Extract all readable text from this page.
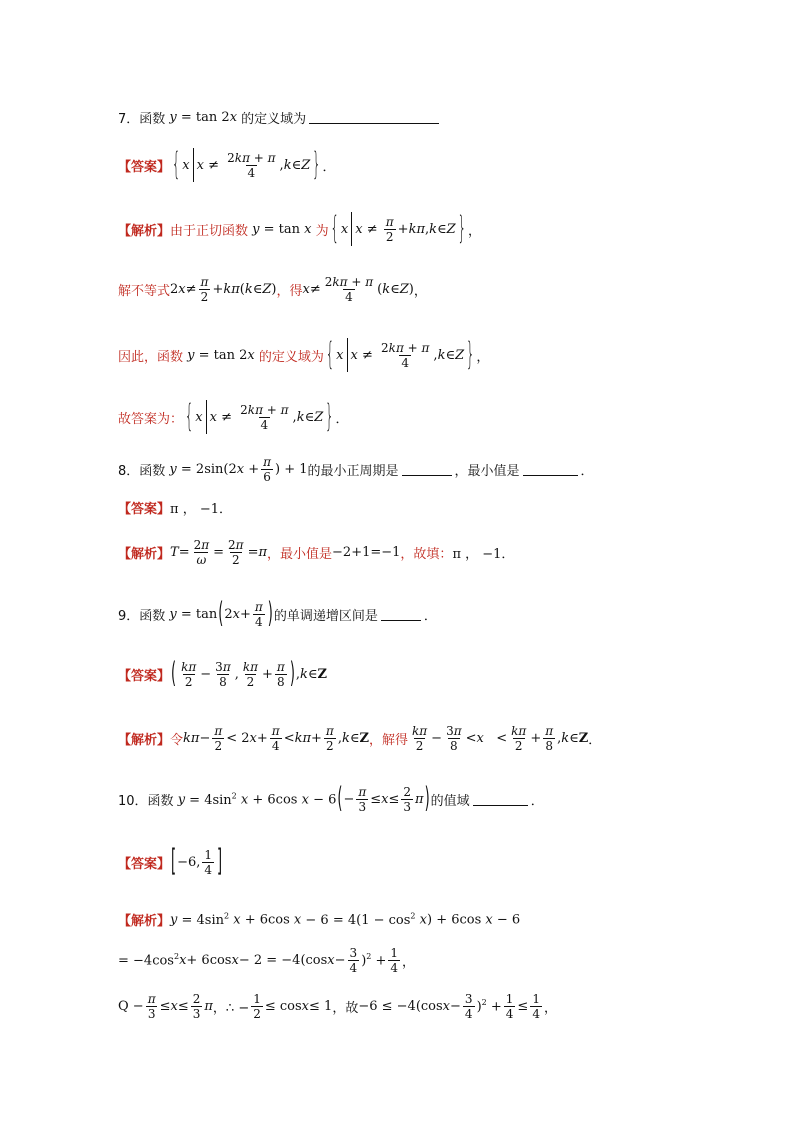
7． 函数 y = tan 2x 的定义域为
【答案】 { x $x \ne \frac{2k\pi + \pi}{4}$ , k ∈ Z } ．
【解析】 由于正切函数 y = tan x 为 { x $x \ne \frac{\pi}{2} + k\pi$ , k ∈ Z } ，
解不等式 2 $x \ne \frac{\pi}{2} + k\pi$ ( k ∈ Z ) ，得 $x \ne \frac{2k\pi + \pi}{4}$ ( k ∈ Z ) ，
因此，函数 y = tan 2x 的定义域为 { x $x \ne \frac{2k\pi + \pi}{4}$ , k ∈ Z } ，
故答案为： { x $x \ne \frac{2k\pi + \pi}{4}$ , k ∈ Z } ．
8． 函数 $y = 2\sin(2x + \frac{\pi}{6}$ ) + 1 的最小正周期是	，最小值是	．
【答案】 π ， −1．
【解析】 $T = \frac{2\pi}{\omega} = \frac{2\pi}{2} = \pi$ ，最小值是 −2+1=−1 ，故填： π ， −1．
9． 函数 y = tan ( 2 $x + \frac{\pi}{4}$ ) 的单调递增区间是	．
【答案】 ( $\frac{k\pi}{2} - \frac{3\pi}{8}$ , $\frac{k\pi}{2} + \frac{\pi}{8}$ ) , k ∈ Z
【解析】 令 $k\pi - \frac{\pi}{2} < 2$ $x + \frac{\pi}{4} < k\pi + \frac{\pi}{2}$ , k ∈ Z ，解得 $\frac{k\pi}{2} - \frac{3\pi}{8} < x < \frac{k\pi}{2} + \frac{\pi}{8}$ , k ∈ Z ．
10． 函数 $y = 4\sin^2$ x + 6cos x − 6 ( − $\frac{\pi}{3} \le x \le \frac{2}{3}$ π ) 的值域	．
【答案】 [ −6, $\frac{1}{4}$ ]
【解析】 $y = 4\sin^2$ x + 6cos $x - 6 = 4(1 - \cos^2 x) + 6\cos$ x − 6
= $-4\cos^2$ x + 6cos x − 2 = −4(cos $x - \frac{3}{4} )^2 + \frac{1}{4}$ ，
$Q - \frac{\pi}{3} \le x \le \frac{2}{3}$ π ，∴ − $\frac{1}{2} \le \cos x \le 1$ ，故 −6 ≤ −4(cos $x - \frac{3}{4} )^2 + \frac{1}{4} \le \frac{1}{4}$ ，
